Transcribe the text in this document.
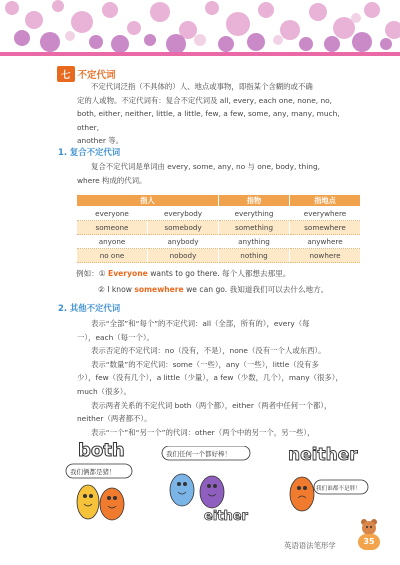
七 不定代词
不定代词泛指（不具体的）人、地点或事物，即指某个含糊的或不确
定的人或物。不定代词有：复合不定代词及 all, every, each one, none, no,
both, either, neither, little, a little, few, a few, some, any, many, much, other,
another 等。
1. 复合不定代词
复合不定代词是单词由 every, some, any, no 与 one, body, thing,
where 构成的代词。
指人		指物	指地点
everyone	everybody	everything	everywhere
someone	somebody	something	somewhere
anyone	anybody	anything	anywhere
no one	nobody	nothing	nowhere
例如：① Everyone wants to go there. 每个人都想去那里。
② I know somewhere we can go. 我知道我们可以去什么地方。
2. 其他不定代词
表示“全部”和“每个”的不定代词：all（全部，所有的），every（每
一），each（每一个）。
表示否定的不定代词：no（没有，不是），none（没有一个人或东西）。
表示“数量”的不定代词：some（一些），any（一些），little（没有多
少），few（没有几个），a little（少量），a few（少数，几个），many（很多），
much（很多）。
表示两者关系的不定代词 both（两个都），either（两者中任何一个都），
neither（两者都不）。
表示“一个”和“另一个”的代词：other（两个中的另一个，另一些），
both
我们俩都是猪！
我们任何一个都好棒！
either
neither
我们谁都不是胖！
英语语法笔形学	35
